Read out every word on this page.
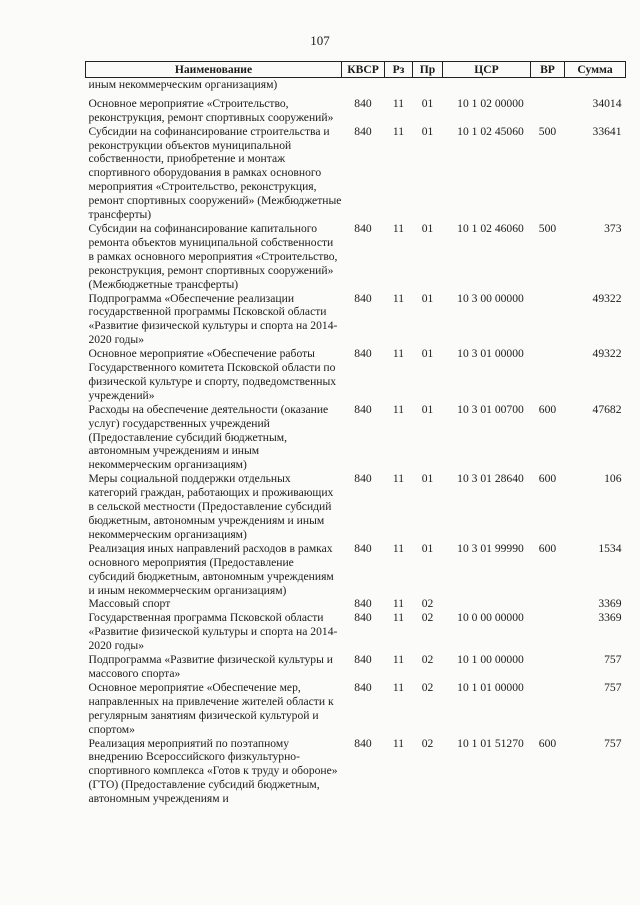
107
Наименование	КВСР	Рз	Пр	ЦСР	ВР	Сумма
иным некоммерческим организациям)						
Основное мероприятие «Строительство, реконструкция, ремонт спортивных сооружений»	840	11	01	10 1 02 00000		34014
Субсидии на софинансирование строительства и реконструкции объектов муниципальной собственности, приобретение и монтаж спортивного оборудования в рамках основного мероприятия «Строительство, реконструкция, ремонт спортивных сооружений» (Межбюджетные трансферты)	840	11	01	10 1 02 45060	500	33641
Субсидии на софинансирование капитального ремонта объектов муниципальной собственности в рамках основного мероприятия «Строительство, реконструкция, ремонт спортивных сооружений» (Межбюджетные трансферты)	840	11	01	10 1 02 46060	500	373
Подпрограмма «Обеспечение реализации государственной программы Псковской области «Развитие физической культуры и спорта на 2014-2020 годы»	840	11	01	10 3 00 00000		49322
Основное мероприятие «Обеспечение работы Государственного комитета Псковской области по физической культуре и спорту, подведомственных учреждений»	840	11	01	10 3 01 00000		49322
Расходы на обеспечение деятельности (оказание услуг) государственных учреждений (Предоставление субсидий бюджетным, автономным учреждениям и иным некоммерческим организациям)	840	11	01	10 3 01 00700	600	47682
Меры социальной поддержки отдельных категорий граждан, работающих и проживающих в сельской местности (Предоставление субсидий бюджетным, автономным учреждениям и иным некоммерческим организациям)	840	11	01	10 3 01 28640	600	106
Реализация иных направлений расходов в рамках основного мероприятия (Предоставление субсидий бюджетным, автономным учреждениям и иным некоммерческим организациям)	840	11	01	10 3 01 99990	600	1534
Массовый спорт	840	11	02			3369
Государственная программа Псковской области «Развитие физической культуры и спорта на 2014-2020 годы»	840	11	02	10 0 00 00000		3369
Подпрограмма «Развитие физической культуры и массового спорта»	840	11	02	10 1 00 00000		757
Основное мероприятие «Обеспечение мер, направленных на привлечение жителей области к регулярным занятиям физической культурой и спортом»	840	11	02	10 1 01 00000		757
Реализация мероприятий по поэтапному внедрению Всероссийского физкультурно-спортивного комплекса «Готов к труду и обороне» (ГТО) (Предоставление субсидий бюджетным, автономным учреждениям и	840	11	02	10 1 01 51270	600	757
